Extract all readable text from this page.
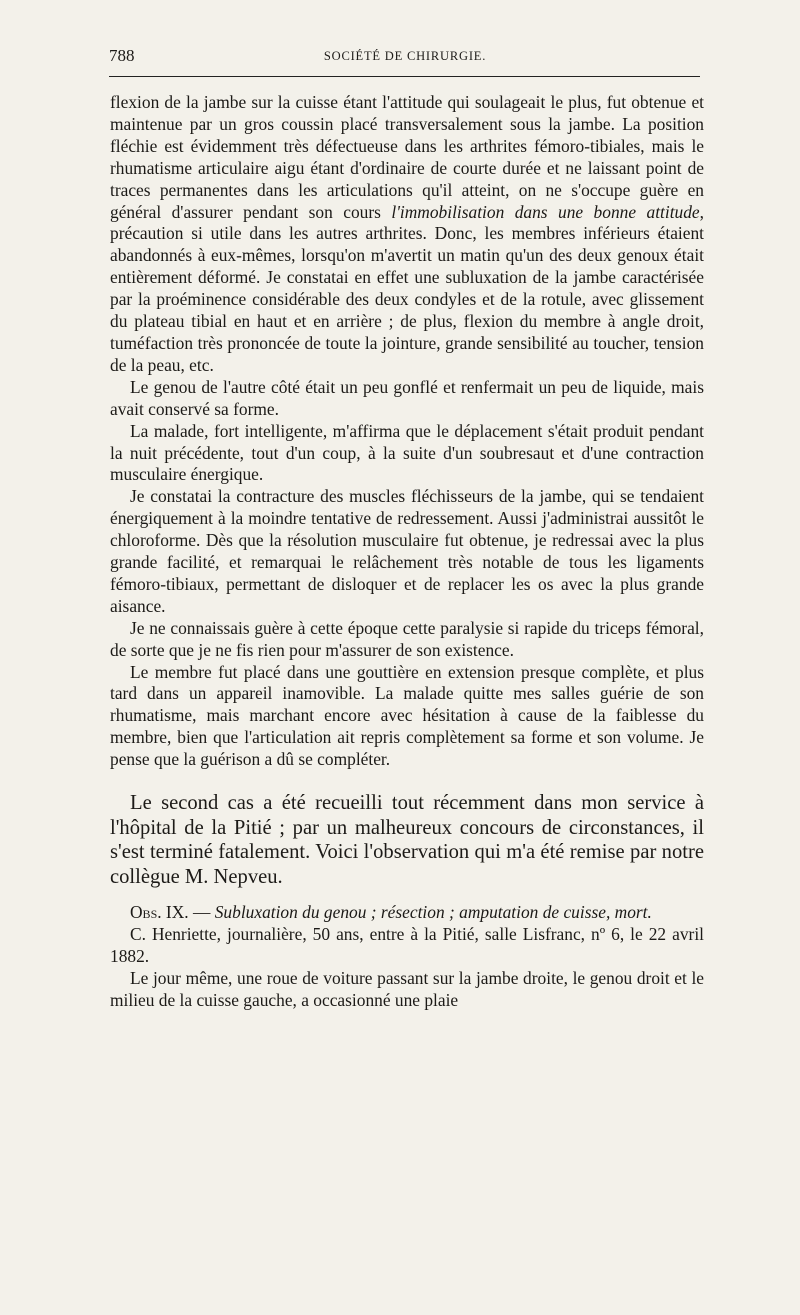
788	SOCIÉTÉ DE CHIRURGIE.

flexion de la jambe sur la cuisse étant l'attitude qui soulageait le plus, fut obtenue et maintenue par un gros coussin placé transversalement sous la jambe. La position fléchie est évidemment très défectueuse dans les arthrites fémoro-tibiales, mais le rhumatisme articulaire aigu étant d'ordinaire de courte durée et ne laissant point de traces permanentes dans les articulations qu'il atteint, on ne s'occupe guère en général d'assurer pendant son cours l'immobilisation dans une bonne attitude, précaution si utile dans les autres arthrites. Donc, les membres inférieurs étaient abandonnés à eux-mêmes, lorsqu'on m'avertit un matin qu'un des deux genoux était entièrement déformé. Je constatai en effet une subluxation de la jambe caractérisée par la proéminence considérable des deux condyles et de la rotule, avec glissement du plateau tibial en haut et en arrière ; de plus, flexion du membre à angle droit, tuméfaction très prononcée de toute la jointure, grande sensibilité au toucher, tension de la peau, etc.

Le genou de l'autre côté était un peu gonflé et renfermait un peu de liquide, mais avait conservé sa forme.

La malade, fort intelligente, m'affirma que le déplacement s'était produit pendant la nuit précédente, tout d'un coup, à la suite d'un soubresaut et d'une contraction musculaire énergique.

Je constatai la contracture des muscles fléchisseurs de la jambe, qui se tendaient énergiquement à la moindre tentative de redressement. Aussi j'administrai aussitôt le chloroforme. Dès que la résolution musculaire fut obtenue, je redressai avec la plus grande facilité, et remarquai le relâchement très notable de tous les ligaments fémoro-tibiaux, permettant de disloquer et de replacer les os avec la plus grande aisance.

Je ne connaissais guère à cette époque cette paralysie si rapide du triceps fémoral, de sorte que je ne fis rien pour m'assurer de son existence.

Le membre fut placé dans une gouttière en extension presque complète, et plus tard dans un appareil inamovible. La malade quitte mes salles guérie de son rhumatisme, mais marchant encore avec hésitation à cause de la faiblesse du membre, bien que l'articulation ait repris complètement sa forme et son volume. Je pense que la guérison a dû se compléter.

Le second cas a été recueilli tout récemment dans mon service à l'hôpital de la Pitié ; par un malheureux concours de circonstances, il s'est terminé fatalement. Voici l'observation qui m'a été remise par notre collègue M. Nepveu.

Obs. IX. — Subluxation du genou ; résection ; amputation de cuisse, mort.

C. Henriette, journalière, 50 ans, entre à la Pitié, salle Lisfranc, nº 6, le 22 avril 1882.

Le jour même, une roue de voiture passant sur la jambe droite, le genou droit et le milieu de la cuisse gauche, a occasionné une plaie
